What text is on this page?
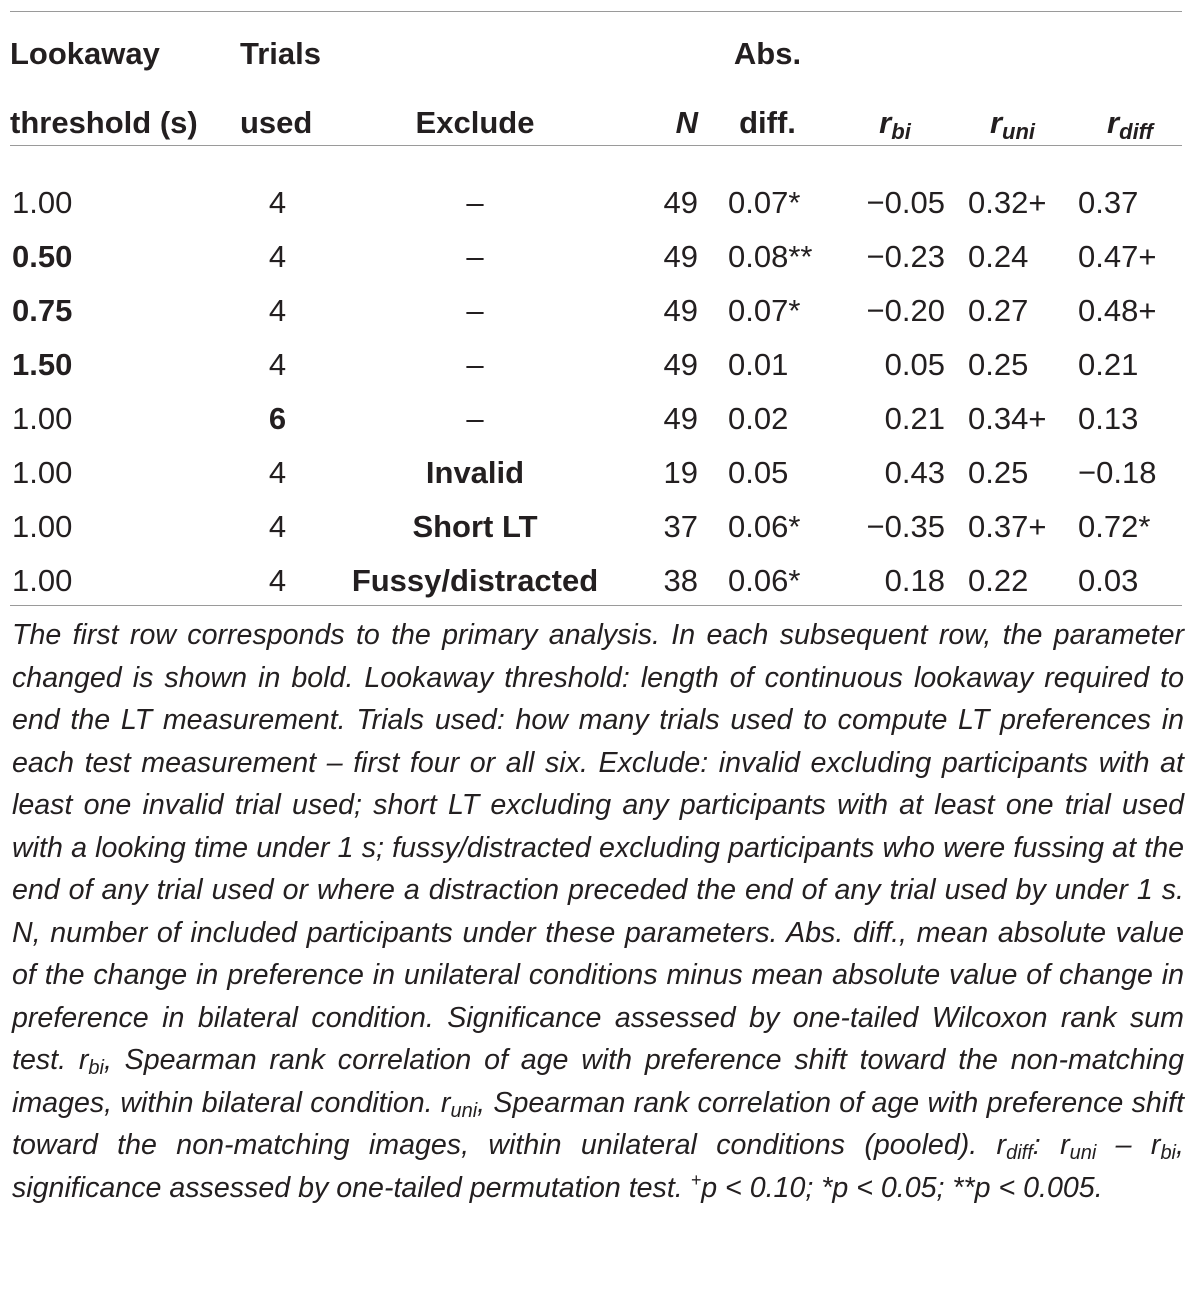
Lookaway	Trials			Abs.			
threshold (s)	used	Exclude	N	diff.	$r_{bi}$	$r_{uni}$	$r_{diff}$
1.00	4	–	49	0.07*	−0.05	0.32+	0.37
0.50	4	–	49	0.08**	−0.23	0.24	0.47+
0.75	4	–	49	0.07*	−0.20	0.27	0.48+
1.50	4	–	49	0.01	0.05	0.25	0.21
1.00	6	–	49	0.02	0.21	0.34+	0.13
1.00	4	Invalid	19	0.05	0.43	0.25	−0.18
1.00	4	Short LT	37	0.06*	−0.35	0.37+	0.72*
1.00	4	Fussy/distracted	38	0.06*	0.18	0.22	0.03
The first row corresponds to the primary analysis. In each subsequent row, the parameter changed is shown in bold. Lookaway threshold: length of continuous lookaway required to end the LT measurement. Trials used: how many trials used to compute LT preferences in each test measurement – first four or all six. Exclude: invalid excluding participants with at least one invalid trial used; short LT excluding any participants with at least one trial used with a looking time under 1 s; fussy/distracted excluding participants who were fussing at the end of any trial used or where a distraction preceded the end of any trial used by under 1 s. N, number of included participants under these parameters. Abs. diff., mean absolute value of the change in preference in unilateral conditions minus mean absolute value of change in preference in bilateral condition. Significance assessed by one-tailed Wilcoxon rank sum test. $r_{bi}$, Spearman rank correlation of age with preference shift toward the non-matching images, within bilateral condition. $r_{uni}$, Spearman rank correlation of age with preference shift toward the non-matching images, within unilateral conditions (pooled). $r_{diff}$: $r_{uni} - r_{bi}$, significance assessed by one-tailed permutation test. +p < 0.10; *p < 0.05; **p < 0.005.
